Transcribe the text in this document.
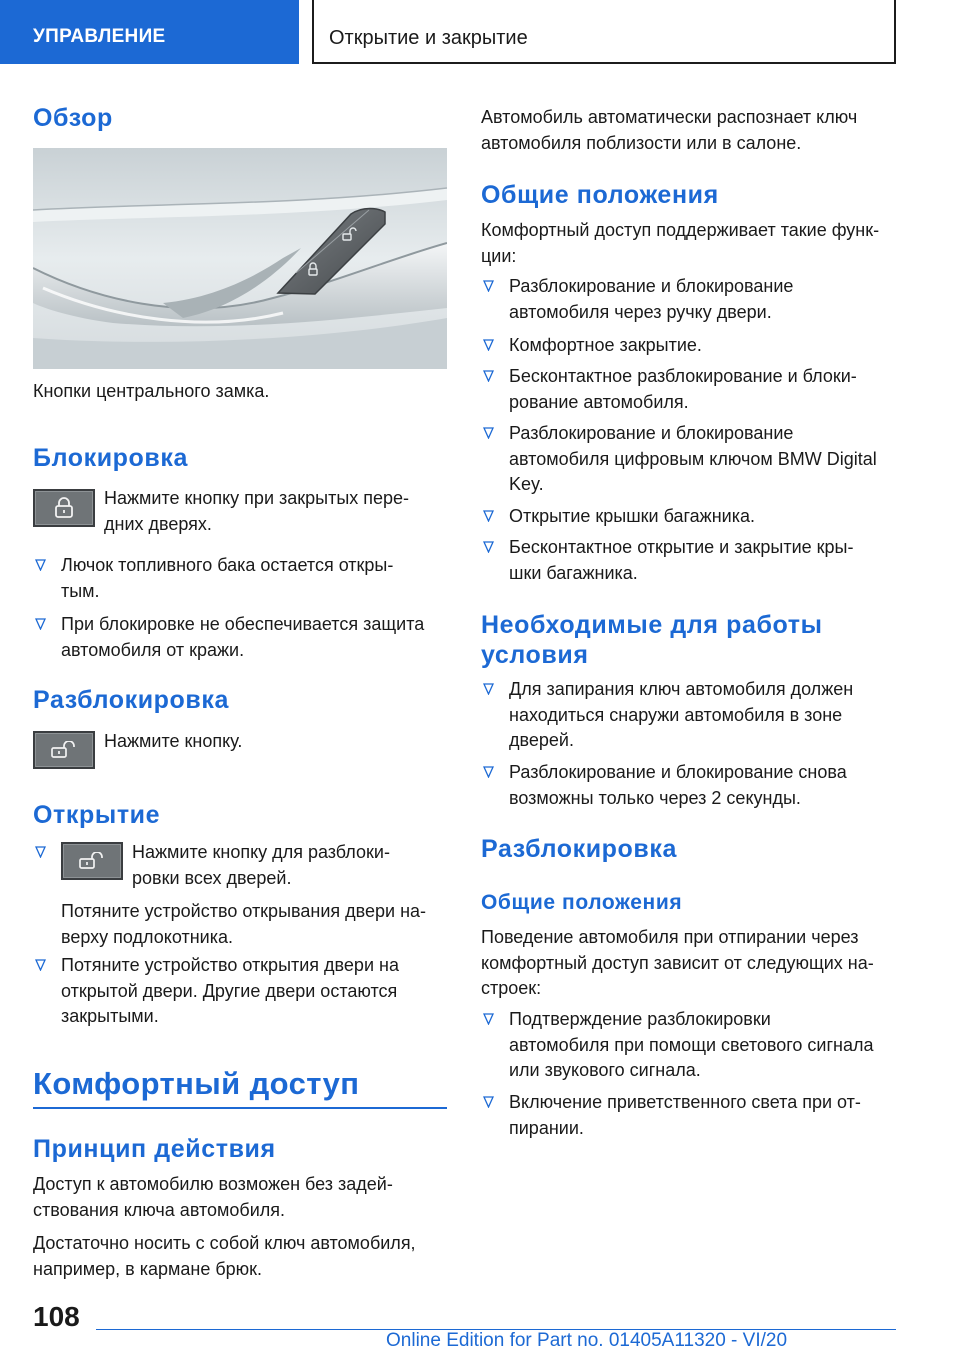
УПРАВЛЕНИЕ	Открытие и закрытие
Обзор
Кнопки центрального замка.
Блокировка
Нажмите кнопку при закрытых пере-
дних дверях.
Лючок топливного бака остается откры-
тым.
При блокировке не обеспечивается защита
автомобиля от кражи.
Разблокировка
Нажмите кнопку.
Открытие
Нажмите кнопку для разблоки-
ровки всех дверей.
Потяните устройство открывания двери на-
верху подлокотника.
Потяните устройство открытия двери на
открытой двери. Другие двери остаются
закрытыми.
Комфортный доступ
Принцип действия
Доступ к автомобилю возможен без задей-
ствования ключа автомобиля.
Достаточно носить с собой ключ автомобиля,
например, в кармане брюк.
Автомобиль автоматически распознает ключ
автомобиля поблизости или в салоне.
Общие положения
Комфортный доступ поддерживает такие функ-
ции:
Разблокирование и блокирование
автомобиля через ручку двери.
Комфортное закрытие.
Бесконтактное разблокирование и блоки-
рование автомобиля.
Разблокирование и блокирование
автомобиля цифровым ключом BMW Digital
Key.
Открытие крышки багажника.
Бесконтактное открытие и закрытие кры-
шки багажника.
Необходимые для работы
условия
Для запирания ключ автомобиля должен
находиться снаружи автомобиля в зоне
дверей.
Разблокирование и блокирование снова
возможны только через 2 секунды.
Разблокировка
Общие положения
Поведение автомобиля при отпирании через
комфортный доступ зависит от следующих на-
строек:
Подтверждение разблокировки
автомобиля при помощи светового сигнала
или звукового сигнала.
Включение приветственного света при от-
пирании.
108
Online Edition for Part no. 01405A11320 - VI/20
